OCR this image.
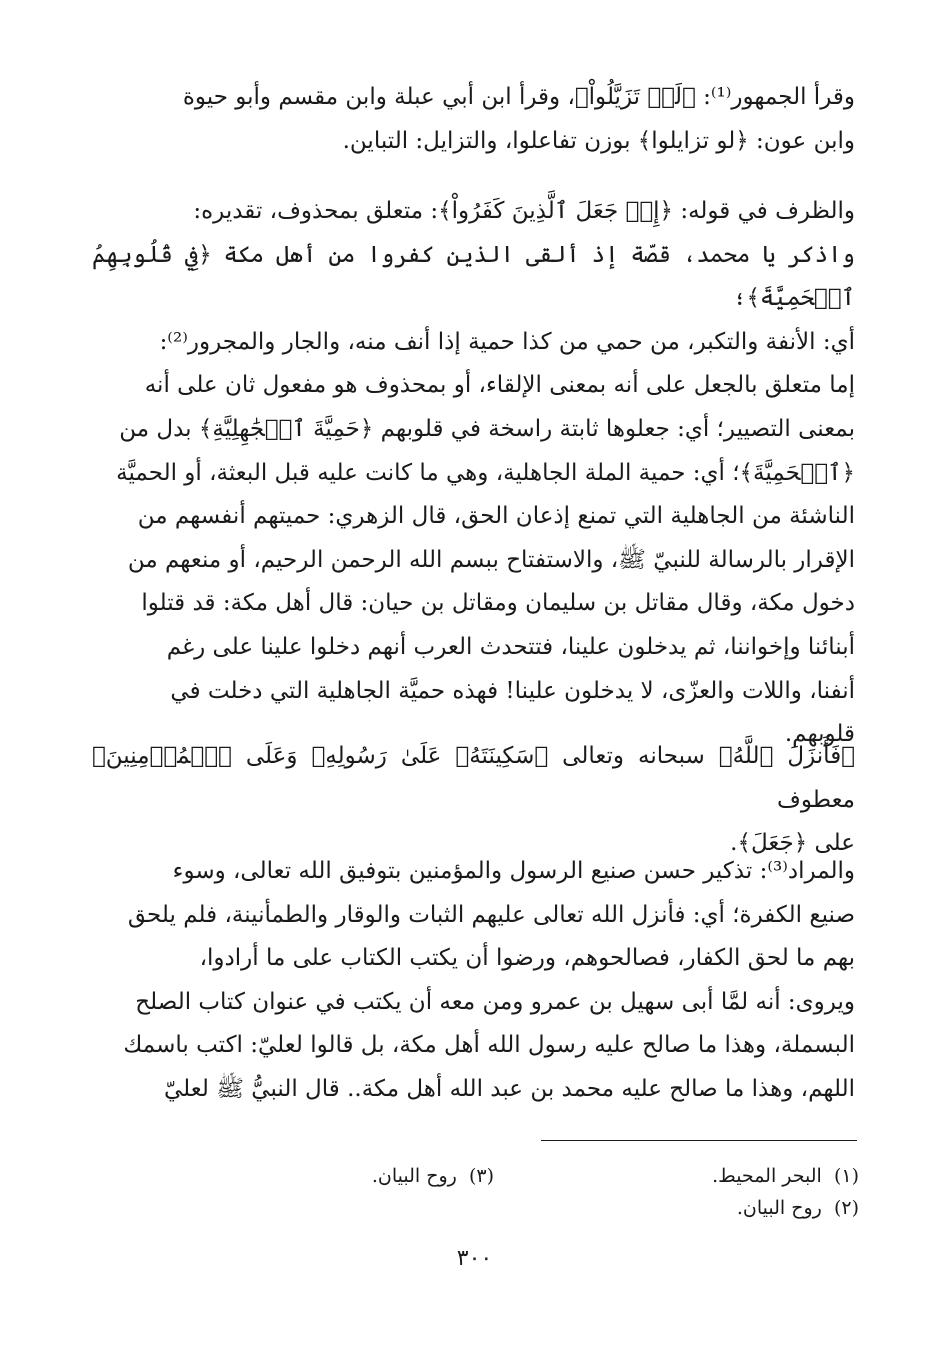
وقرأ الجمهور⁽¹⁾: ﴿لَوۡ تَزَيَّلُواْ﴾، وقرأ ابن أبي عبلة وابن مقسم وأبو حيوة
وابن عون: ﴿لو تزايلوا﴾ بوزن تفاعلوا، والتزايل: التباين.
والظرف في قوله: ﴿إِذۡ جَعَلَ ٱلَّذِينَ كَفَرُواْ﴾: متعلق بمحذوف، تقديره:
واذكر يا محمد، قصّة إذ ألقى الذين كفروا من أهل مكة ﴿فِي قُلُوبِهِمُ ٱلۡحَمِيَّةَ﴾؛
أي: الأنفة والتكبر، من حمي من كذا حمية إذا أنف منه، والجار والمجرور⁽²⁾:
إما متعلق بالجعل على أنه بمعنى الإلقاء، أو بمحذوف هو مفعول ثان على أنه
بمعنى التصيير؛ أي: جعلوها ثابتة راسخة في قلوبهم ﴿حَمِيَّةَ ٱلۡجَٰهِلِيَّةِ﴾ بدل من
﴿ٱلۡحَمِيَّةَ﴾؛ أي: حمية الملة الجاهلية، وهي ما كانت عليه قبل البعثة، أو الحميَّة
الناشئة من الجاهلية التي تمنع إذعان الحق، قال الزهري: حميتهم أنفسهم من
الإقرار بالرسالة للنبيّ ﷺ، والاستفتاح ببسم الله الرحمن الرحيم، أو منعهم من
دخول مكة، وقال مقاتل بن سليمان ومقاتل بن حيان: قال أهل مكة: قد قتلوا
أبنائنا وإخواننا، ثم يدخلون علينا، فتتحدث العرب أنهم دخلوا علينا على رغم
أنفنا، واللات والعزّى، لا يدخلون علينا! فهذه حميَّة الجاهلية التي دخلت في
قلوبهم.
﴿فَأَنزَلَ ٱللَّهُ﴾ سبحانه وتعالى ﴿سَكِينَتَهُۥ عَلَىٰ رَسُولِهِۦ وَعَلَى ٱلۡمُؤۡمِنِينَ﴾ معطوف
على ﴿جَعَلَ﴾.
والمراد⁽³⁾: تذكير حسن صنيع الرسول والمؤمنين بتوفيق الله تعالى، وسوء
صنيع الكفرة؛ أي: فأنزل الله تعالى عليهم الثبات والوقار والطمأنينة، فلم يلحق
بهم ما لحق الكفار، فصالحوهم، ورضوا أن يكتب الكتاب على ما أرادوا،
ويروى: أنه لمَّا أبى سهيل بن عمرو ومن معه أن يكتب في عنوان كتاب الصلح
البسملة، وهذا ما صالح عليه رسول الله أهل مكة، بل قالوا لعليّ: اكتب باسمك
اللهم، وهذا ما صالح عليه محمد بن عبد الله أهل مكة.. قال النبيُّ ﷺ لعليّ

(١)  البحر المحيط.

(٣)  روح البيان.

(٢)  روح البيان.

٣٠٠
